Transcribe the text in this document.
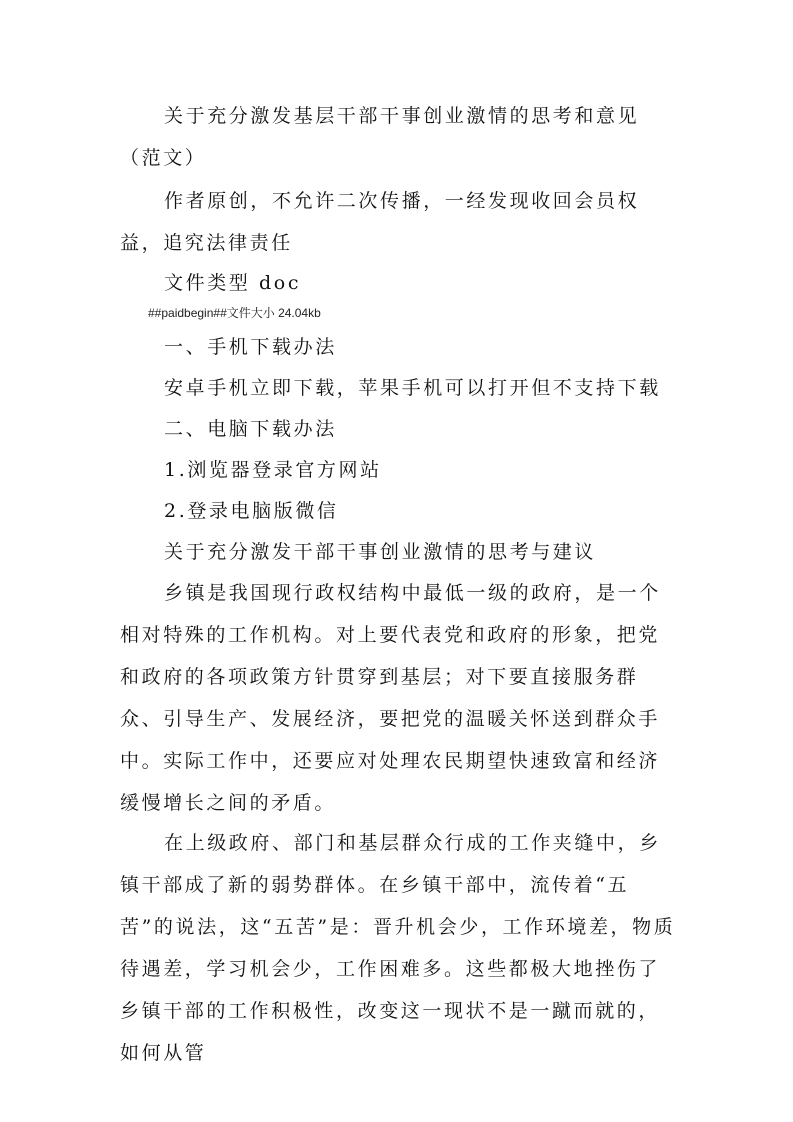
关于充分激发基层干部干事创业激情的思考和意见（范文）

作者原创，不允许二次传播，一经发现收回会员权益，追究法律责任

文件类型 doc

##paidbegin##文件大小 24.04kb

一、手机下载办法

安卓手机立即下载，苹果手机可以打开但不支持下载

二、电脑下载办法

1.浏览器登录官方网站

2.登录电脑版微信

关于充分激发干部干事创业激情的思考与建议

乡镇是我国现行政权结构中最低一级的政府，是一个相对特殊的工作机构。对上要代表党和政府的形象，把党和政府的各项政策方针贯穿到基层；对下要直接服务群众、引导生产、发展经济，要把党的温暖关怀送到群众手中。实际工作中，还要应对处理农民期望快速致富和经济缓慢增长之间的矛盾。

在上级政府、部门和基层群众行成的工作夹缝中，乡镇干部成了新的弱势群体。在乡镇干部中，流传着“五苦”的说法，这“五苦”是：晋升机会少，工作环境差，物质待遇差，学习机会少，工作困难多。这些都极大地挫伤了乡镇干部的工作积极性，改变这一现状不是一蹴而就的，如何从管
